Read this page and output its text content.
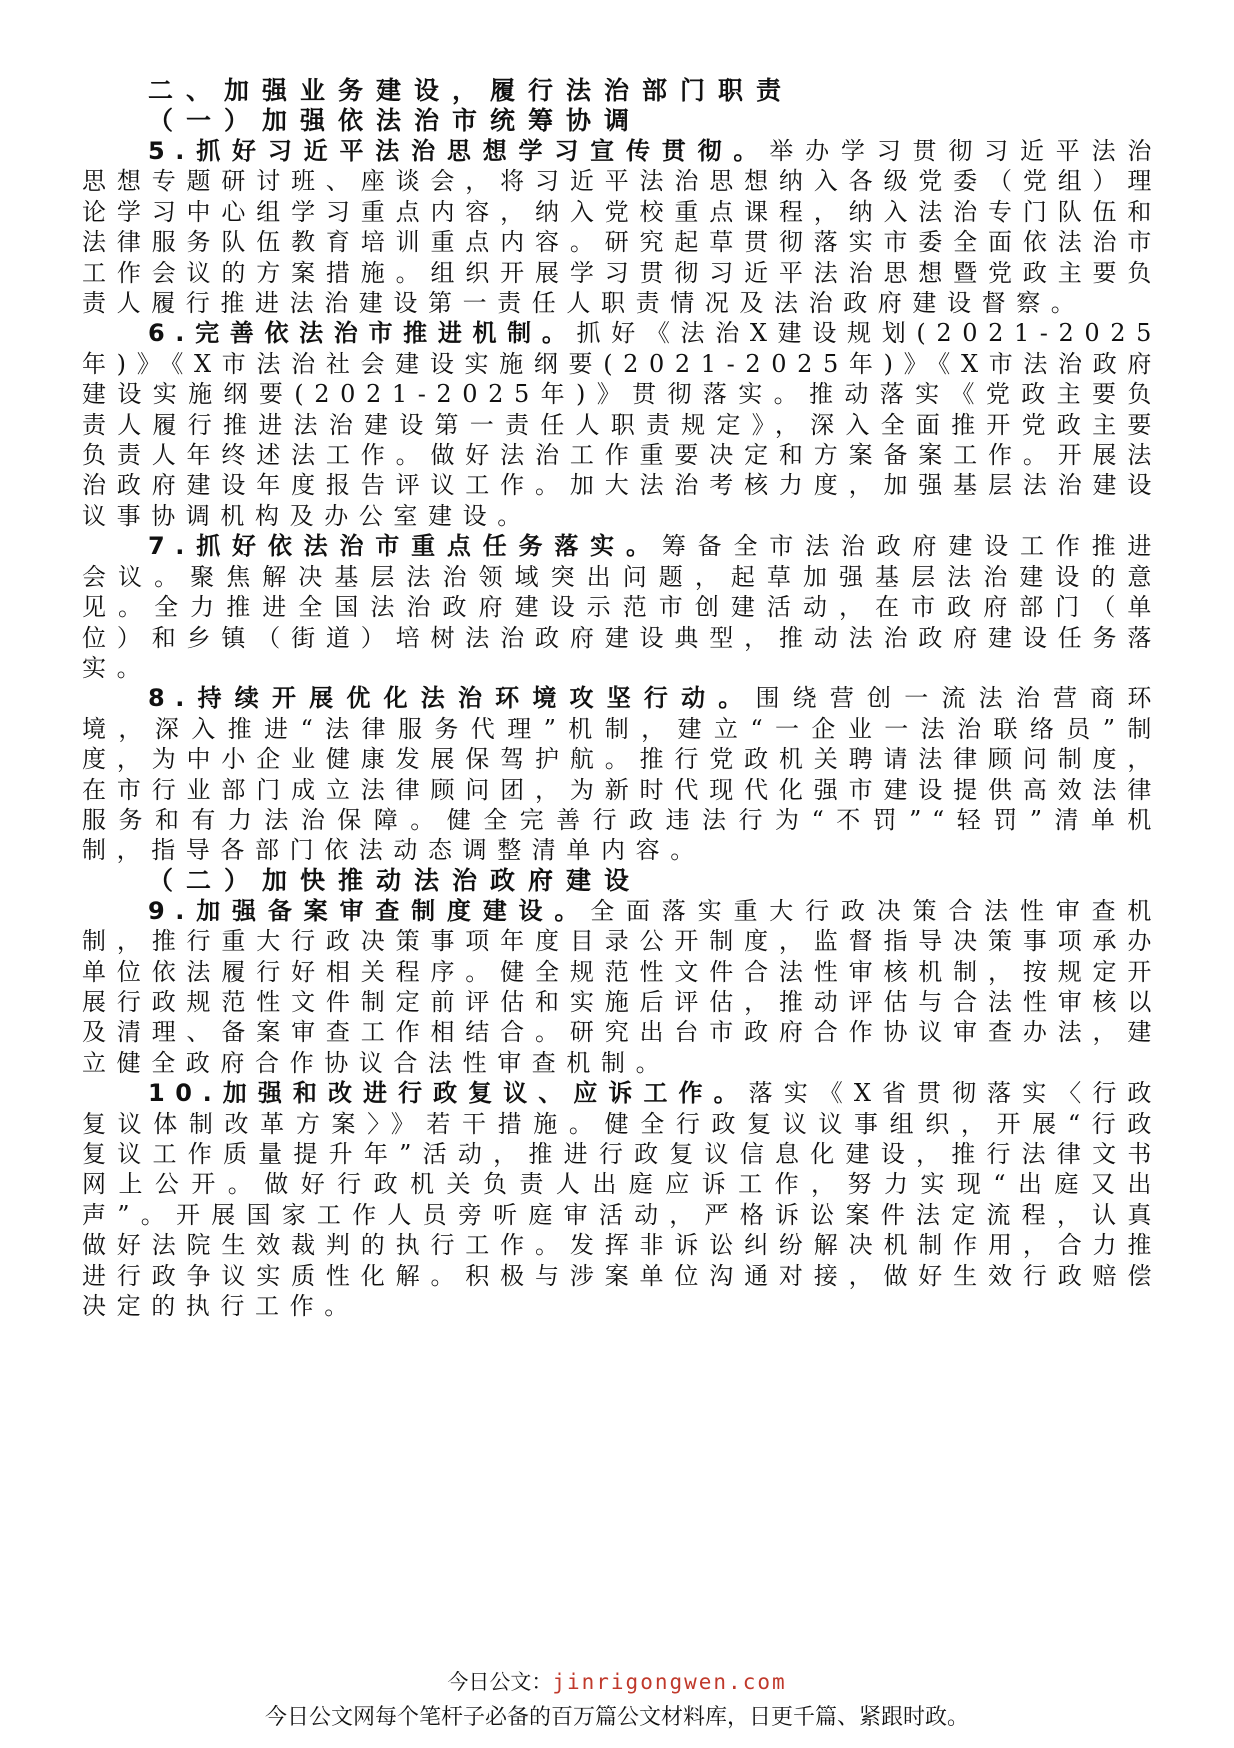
二、加强业务建设，履行法治部门职责
（一）加强依法治市统筹协调

5.抓好习近平法治思想学习宣传贯彻。举办学习贯彻习近平法治思想专题研讨班、座谈会，将习近平法治思想纳入各级党委（党组）理论学习中心组学习重点内容，纳入党校重点课程，纳入法治专门队伍和法律服务队伍教育培训重点内容。研究起草贯彻落实市委全面依法治市工作会议的方案措施。组织开展学习贯彻习近平法治思想暨党政主要负责人履行推进法治建设第一责任人职责情况及法治政府建设督察。

6.完善依法治市推进机制。抓好《法治X建设规划(2021-2025年)》《X市法治社会建设实施纲要(2021-2025年)》《X市法治政府建设实施纲要(2021-2025年)》贯彻落实。推动落实《党政主要负责人履行推进法治建设第一责任人职责规定》，深入全面推开党政主要负责人年终述法工作。做好法治工作重要决定和方案备案工作。开展法治政府建设年度报告评议工作。加大法治考核力度，加强基层法治建设议事协调机构及办公室建设。

7.抓好依法治市重点任务落实。筹备全市法治政府建设工作推进会议。聚焦解决基层法治领域突出问题，起草加强基层法治建设的意见。全力推进全国法治政府建设示范市创建活动，在市政府部门（单位）和乡镇（街道）培树法治政府建设典型，推动法治政府建设任务落实。

8.持续开展优化法治环境攻坚行动。围绕营创一流法治营商环境，深入推进“法律服务代理”机制，建立“一企业一法治联络员”制度，为中小企业健康发展保驾护航。推行党政机关聘请法律顾问制度，在市行业部门成立法律顾问团，为新时代现代化强市建设提供高效法律服务和有力法治保障。健全完善行政违法行为“不罚”“轻罚”清单机制，指导各部门依法动态调整清单内容。

（二）加快推动法治政府建设

9.加强备案审查制度建设。全面落实重大行政决策合法性审查机制，推行重大行政决策事项年度目录公开制度，监督指导决策事项承办单位依法履行好相关程序。健全规范性文件合法性审核机制，按规定开展行政规范性文件制定前评估和实施后评估，推动评估与合法性审核以及清理、备案审查工作相结合。研究出台市政府合作协议审查办法，建立健全政府合作协议合法性审查机制。

10.加强和改进行政复议、应诉工作。落实《X省贯彻落实〈行政复议体制改革方案〉》若干措施。健全行政复议议事组织，开展“行政复议工作质量提升年”活动，推进行政复议信息化建设，推行法律文书网上公开。做好行政机关负责人出庭应诉工作，努力实现“出庭又出声”。开展国家工作人员旁听庭审活动，严格诉讼案件法定流程，认真做好法院生效裁判的执行工作。发挥非诉讼纠纷解决机制作用，合力推进行政争议实质性化解。积极与涉案单位沟通对接，做好生效行政赔偿决定的执行工作。

今日公文：jinrigongwen.com
今日公文网每个笔杆子必备的百万篇公文材料库，日更千篇、紧跟时政。
